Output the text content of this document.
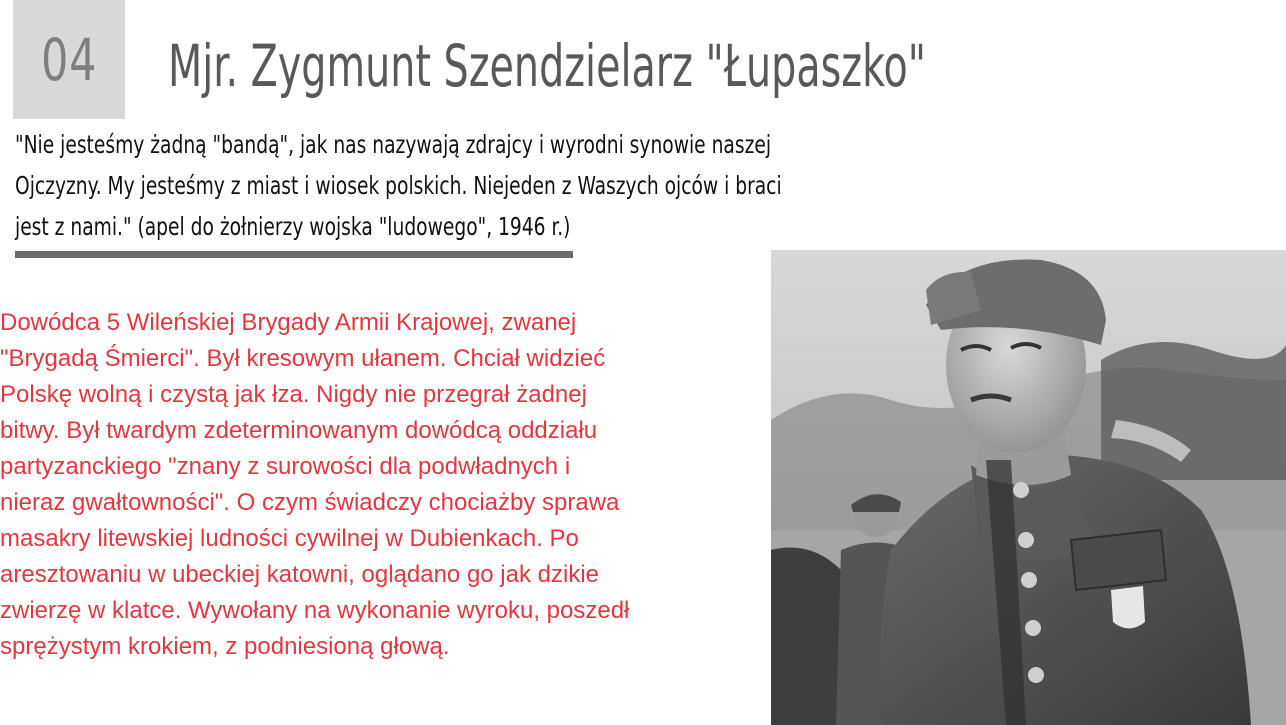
04 Mjr. Zygmunt Szendzielarz "Łupaszko"
"Nie jesteśmy żadną "bandą", jak nas nazywają zdrajcy i wyrodni synowie naszej
Ojczyzny. My jesteśmy z miast i wiosek polskich. Niejeden z Waszych ojców i braci
jest z nami." (apel do żołnierzy wojska "ludowego", 1946 r.)
Dowódca 5 Wileńskiej Brygady Armii Krajowej, zwanej
"Brygadą Śmierci". Był kresowym ułanem. Chciał widzieć
Polskę wolną i czystą jak łza. Nigdy nie przegrał żadnej
bitwy. Był twardym zdeterminowanym dowódcą oddziału
partyzanckiego "znany z surowości dla podwładnych i
nieraz gwałtowności". O czym świadczy chociażby sprawa
masakry litewskiej ludności cywilnej w Dubienkach. Po
aresztowaniu w ubeckiej katowni, oglądano go jak dzikie
zwierzę w klatce. Wywołany na wykonanie wyroku, poszedł
sprężystym krokiem, z podniesioną głową.
